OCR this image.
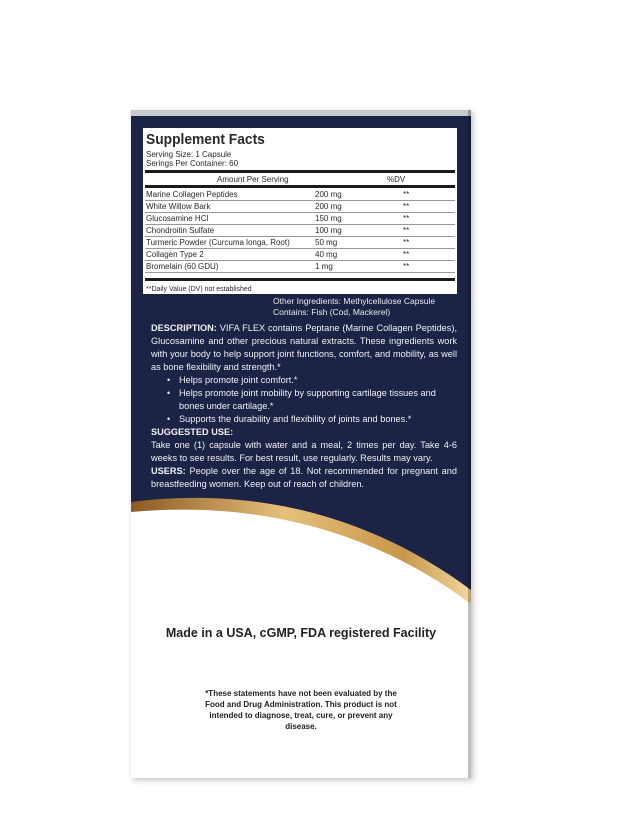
Supplement Facts
Serving Size: 1 Capsule
Serings Per Container: 60
Amount Per Serving	%DV
Marine Collagen Peptides	200 mg	**
White Willow Bark	200 mg	**
Glucosamine HCl	150 mg	**
Chondroitin Sulfate	100 mg	**
Turmeric Powder (Curcuma longa, Root)	50 mg	**
Collagen Type 2	40 mg	**
Bromelain (60 GDU)	1 mg	**
**Daily Value (DV) not established
Other Ingredients: Methylcellulose Capsule
Contains: Fish (Cod, Mackerel)

DESCRIPTION: VIFA FLEX contains Peptane (Marine Collagen Peptides), Glucosamine and other precious natural extracts. These ingredients work with your body to help support joint functions, comfort, and mobility, as well as bone flexibility and strength.*

• Helps promote joint comfort.*
• Helps promote joint mobility by supporting cartilage tissues and bones under cartilage.*
• Supports the durability and flexibility of joints and bones.*
SUGGESTED USE:

Take one (1) capsule with water and a meal, 2 times per day. Take 4-6 weeks to see results. For best result, use regularly. Results may vary.

USERS: People over the age of 18. Not recommended for pregnant and breastfeeding women. Keep out of reach of children.

Made in a USA, cGMP, FDA registered Facility
*These statements have not been evaluated by the Food and Drug Administration. This product is not intended to diagnose, treat, cure, or prevent any disease.
